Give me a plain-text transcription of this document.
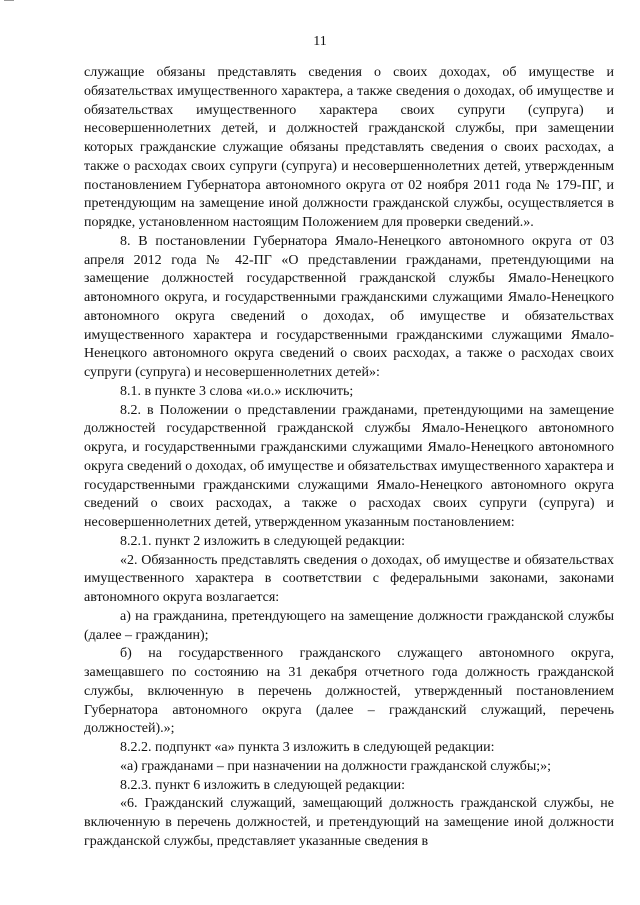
11

служащие обязаны представлять сведения о своих доходах, об имуществе и обязательствах имущественного характера, а также сведения о доходах, об имуществе и обязательствах имущественного характера своих супруги (супруга) и несовершеннолетних детей, и должностей гражданской службы, при замещении которых гражданские служащие обязаны представлять сведения о своих расходах, а также о расходах своих супруги (супруга) и несовершеннолетних детей, утвержденным постановлением Губернатора автономного округа от 02 ноября 2011 года № 179-ПГ, и претендующим на замещение иной должности гражданской службы, осуществляется в порядке, установленном настоящим Положением для проверки сведений.».

8. В постановлении Губернатора Ямало-Ненецкого автономного округа от 03 апреля 2012 года № 42-ПГ «О представлении гражданами, претендующими на замещение должностей государственной гражданской службы Ямало-Ненецкого автономного округа, и государственными гражданскими служащими Ямало-Ненецкого автономного округа сведений о доходах, об имуществе и обязательствах имущественного характера и государственными гражданскими служащими Ямало-Ненецкого автономного округа сведений о своих расходах, а также о расходах своих супруги (супруга) и несовершеннолетних детей»:

8.1. в пункте 3 слова «и.о.» исключить;

8.2. в Положении о представлении гражданами, претендующими на замещение должностей государственной гражданской службы Ямало-Ненецкого автономного округа, и государственными гражданскими служащими Ямало-Ненецкого автономного округа сведений о доходах, об имуществе и обязательствах имущественного характера и государственными гражданскими служащими Ямало-Ненецкого автономного округа сведений о своих расходах, а также о расходах своих супруги (супруга) и несовершеннолетних детей, утвержденном указанным постановлением:

8.2.1. пункт 2 изложить в следующей редакции:

«2. Обязанность представлять сведения о доходах, об имуществе и обязательствах имущественного характера в соответствии с федеральными законами, законами автономного округа возлагается:

а) на гражданина, претендующего на замещение должности гражданской службы (далее – гражданин);

б) на государственного гражданского служащего автономного округа, замещавшего по состоянию на 31 декабря отчетного года должность гражданской службы, включенную в перечень должностей, утвержденный постановлением Губернатора автономного округа (далее – гражданский служащий, перечень должностей).»;

8.2.2. подпункт «а» пункта 3 изложить в следующей редакции:

«а) гражданами – при назначении на должности гражданской службы;»;

8.2.3. пункт 6 изложить в следующей редакции:

«6. Гражданский служащий, замещающий должность гражданской службы, не включенную в перечень должностей, и претендующий на замещение иной должности гражданской службы, представляет указанные сведения в
